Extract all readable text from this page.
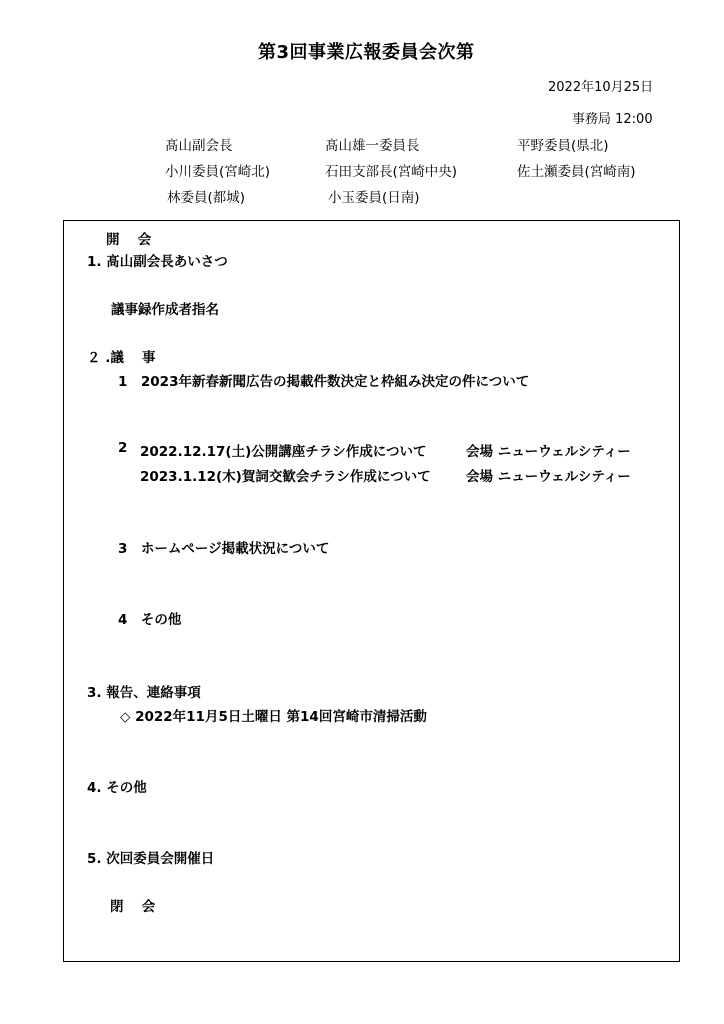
第3回事業広報委員会次第
2022年10月25日
事務局 12:00
髙山副会長	髙山雄一委員長	平野委員(県北)
小川委員(宮崎北)	石田支部長(宮崎中央)	佐土瀬委員(宮崎南)
林委員(都城)	小玉委員(日南)
開　 会
1. 髙山副会長あいさつ
議事録作成者指名
２ .議　 事
1　2023年新春新聞広告の掲載件数決定と枠組み決定の件について
2 2022.12.17(土)公開講座チラシ作成について	会場 ニューウェルシティー
2023.1.12(木)賀詞交歓会チラシ作成について	会場 ニューウェルシティー
3　ホームページ掲載状況について
4　その他
3. 報告、連絡事項
◇ 2022年11月5日土曜日 第14回宮崎市清掃活動
4. その他
5. 次回委員会開催日
閉　 会
